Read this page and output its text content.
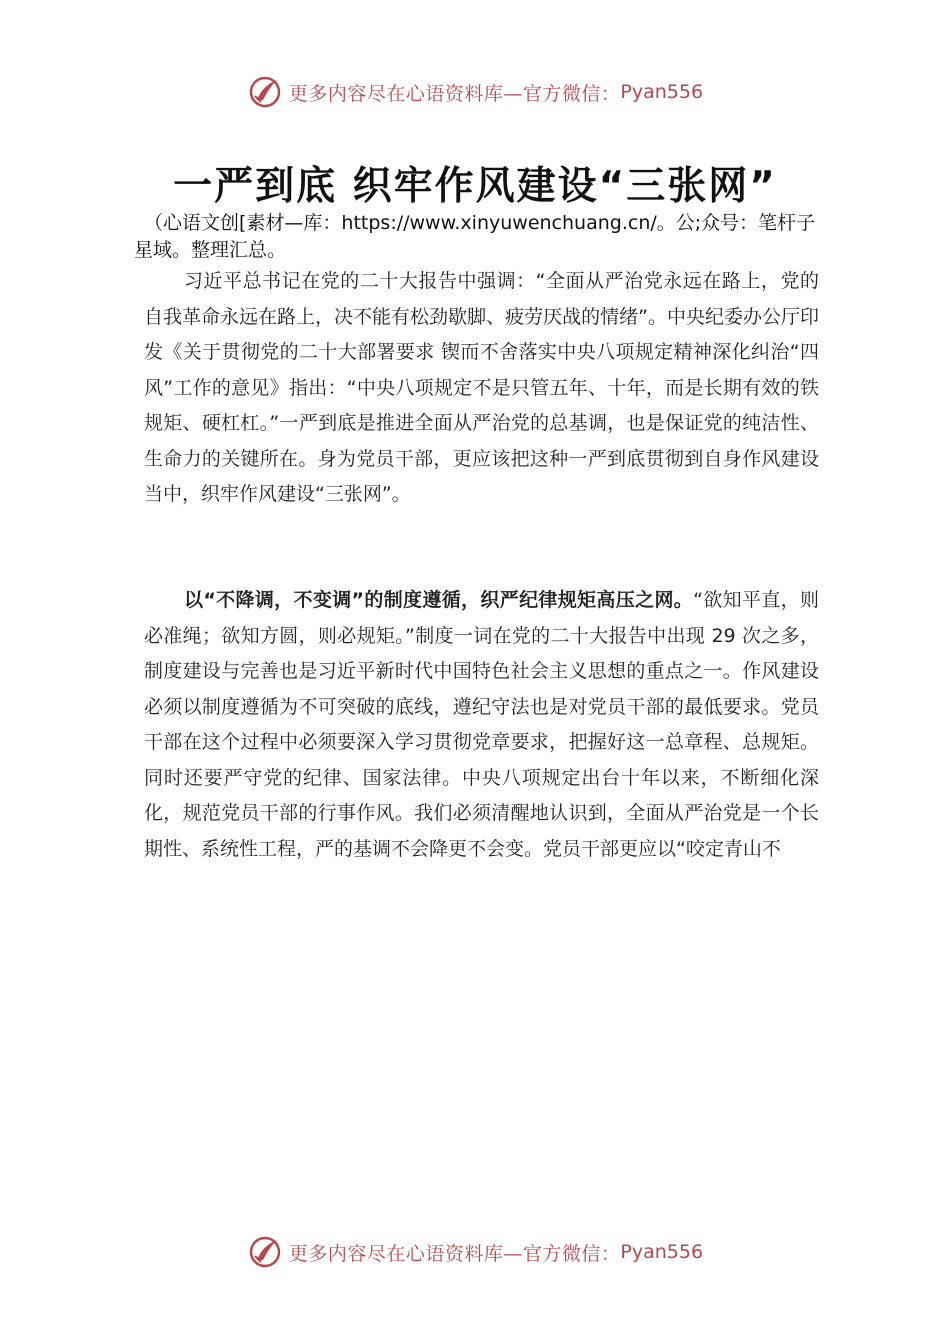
更多内容尽在心语资料库—官方微信： Pyan556
一严到底 织牢作风建设“三张网”
（心语文创[素材—库：https://www.xinyuwenchuang.cn/。公;众号：笔杆子星域。整理汇总。

习近平总书记在党的二十大报告中强调：“全面从严治党永远在路上，党的自我革命永远在路上，决不能有松劲歇脚、疲劳厌战的情绪”。中央纪委办公厅印发《关于贯彻党的二十大部署要求 锲而不舍落实中央八项规定精神深化纠治“四风”工作的意见》指出：“中央八项规定不是只管五年、十年，而是长期有效的铁规矩、硬杠杠。”一严到底是推进全面从严治党的总基调，也是保证党的纯洁性、生命力的关键所在。身为党员干部，更应该把这种一严到底贯彻到自身作风建设当中，织牢作风建设“三张网”。

以“不降调，不变调”的制度遵循，织严纪律规矩高压之网。“欲知平直，则必准绳；欲知方圆，则必规矩。”制度一词在党的二十大报告中出现 29 次之多，制度建设与完善也是习近平新时代中国特色社会主义思想的重点之一。作风建设必须以制度遵循为不可突破的底线，遵纪守法也是对党员干部的最低要求。党员干部在这个过程中必须要深入学习贯彻党章要求，把握好这一总章程、总规矩。同时还要严守党的纪律、国家法律。中央八项规定出台十年以来，不断细化深化，规范党员干部的行事作风。我们必须清醒地认识到，全面从严治党是一个长期性、系统性工程，严的基调不会降更不会变。党员干部更应以“咬定青山不

更多内容尽在心语资料库—官方微信： Pyan556
